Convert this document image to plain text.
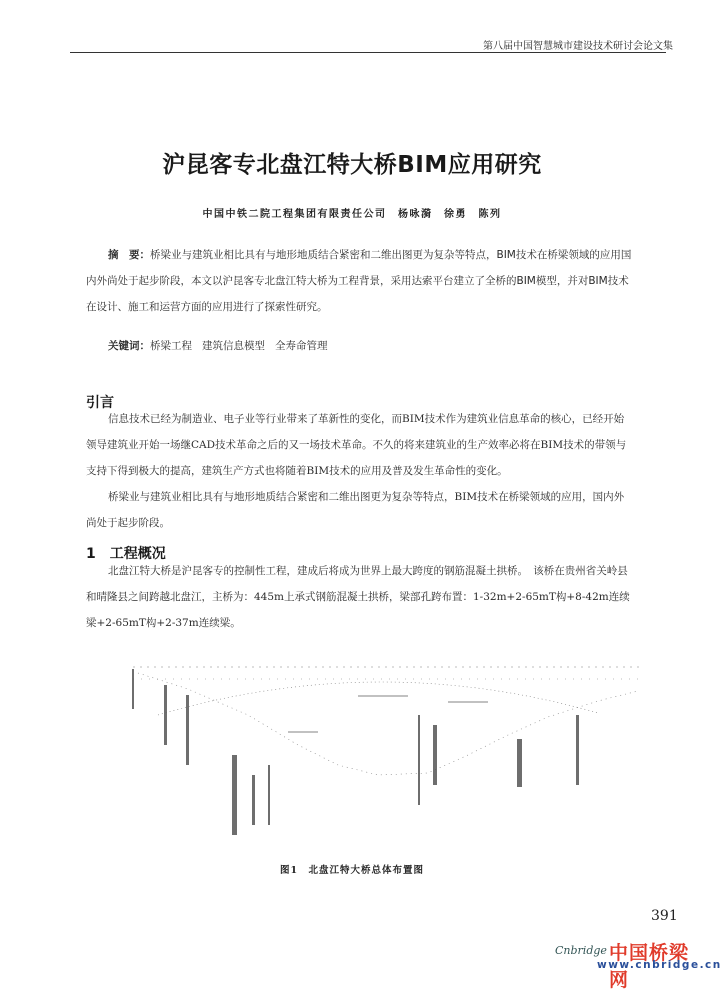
第八届中国智慧城市建设技术研讨会论文集
沪昆客专北盘江特大桥BIM应用研究
中国中铁二院工程集团有限责任公司　杨咏漪　徐勇　陈列
摘　要：桥梁业与建筑业相比具有与地形地质结合紧密和二维出图更为复杂等特点，BIM技术在桥梁领域的应用国内外尚处于起步阶段，本文以沪昆客专北盘江特大桥为工程背景，采用达索平台建立了全桥的BIM模型，并对BIM技术在设计、施工和运营方面的应用进行了探索性研究。
关键词：桥梁工程 建筑信息模型 全寿命管理
引言
信息技术已经为制造业、电子业等行业带来了革新性的变化，而BIM技术作为建筑业信息革命的核心，已经开始领导建筑业开始一场继CAD技术革命之后的又一场技术革命。不久的将来建筑业的生产效率必将在BIM技术的带领与支持下得到极大的提高，建筑生产方式也将随着BIM技术的应用及普及发生革命性的变化。
桥梁业与建筑业相比具有与地形地质结合紧密和二维出图更为复杂等特点，BIM技术在桥梁领域的应用，国内外尚处于起步阶段。
1　工程概况
北盘江特大桥是沪昆客专的控制性工程，建成后将成为世界上最大跨度的钢筋混凝土拱桥。　该桥在贵州省关岭县和晴隆县之间跨越北盘江，主桥为：445m上承式钢筋混凝土拱桥，梁部孔跨布置：1-32m+2-65mT构+8-42m连续梁+2-65mT构+2-37m连续梁。
图1　北盘江特大桥总体布置图
391
Cnbridge 中国桥梁网
www.cnbridge.cn
